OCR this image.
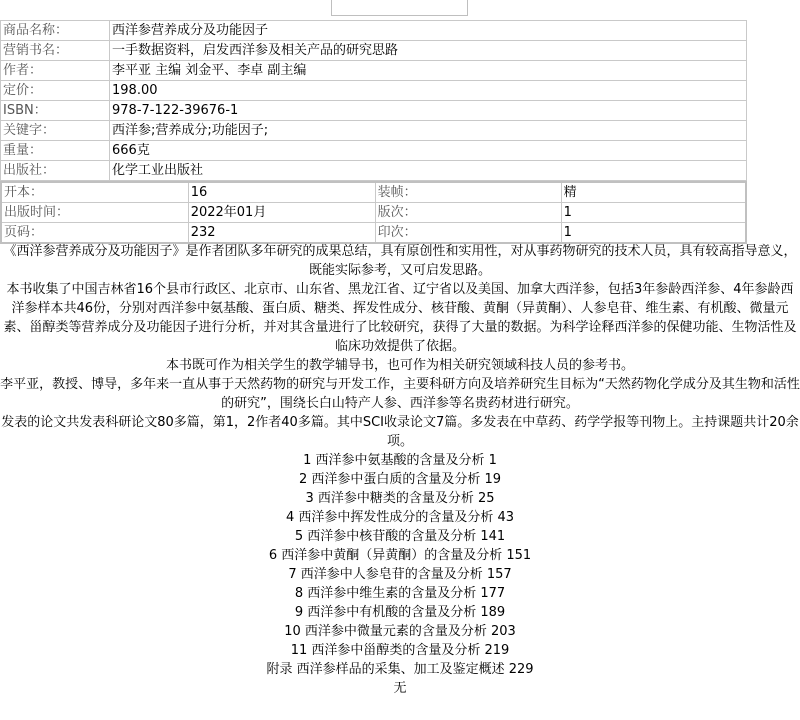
商品名称：	西洋参营养成分及功能因子
营销书名：	一手数据资料，启发西洋参及相关产品的研究思路
作者：	李平亚 主编 刘金平、李卓 副主编
定价：	198.00
ISBN：	978-7-122-39676-1
关键字：	西洋参;营养成分;功能因子;
重量：	666克
出版社：	化学工业出版社
开本：	16	装帧：	精
出版时间：	2022年01月	版次：	1
页码：	232	印次：	1

《西洋参营养成分及功能因子》是作者团队多年研究的成果总结，具有原创性和实用性，对从事药物研究的技术人员，具有较高指导意义，既能实际参考，又可启发思路。

本书收集了中国吉林省16个县市行政区、北京市、山东省、黑龙江省、辽宁省以及美国、加拿大西洋参，包括3年参龄西洋参、4年参龄西洋参样本共46份，分别对西洋参中氨基酸、蛋白质、糖类、挥发性成分、核苷酸、黄酮（异黄酮）、人参皂苷、维生素、有机酸、微量元素、甾醇类等营养成分及功能因子进行分析，并对其含量进行了比较研究，获得了大量的数据。为科学诠释西洋参的保健功能、生物活性及临床功效提供了依据。

本书既可作为相关学生的教学辅导书，也可作为相关研究领域科技人员的参考书。

李平亚，教授、博导，多年来一直从事于天然药物的研究与开发工作，主要科研方向及培养研究生目标为“天然药物化学成分及其生物和活性的研究”，围绕长白山特产人参、西洋参等名贵药材进行研究。

发表的论文共发表科研论文80多篇，第1，2作者40多篇。其中SCI收录论文7篇。多发表在中草药、药学学报等刊物上。主持课题共计20余项。

1 西洋参中氨基酸的含量及分析 1
2 西洋参中蛋白质的含量及分析 19
3 西洋参中糖类的含量及分析 25
4 西洋参中挥发性成分的含量及分析 43
5 西洋参中核苷酸的含量及分析 141
6 西洋参中黄酮（异黄酮）的含量及分析 151
7 西洋参中人参皂苷的含量及分析 157
8 西洋参中维生素的含量及分析 177
9 西洋参中有机酸的含量及分析 189
10 西洋参中微量元素的含量及分析 203
11 西洋参中甾醇类的含量及分析 219
附录 西洋参样品的采集、加工及鉴定概述 229

无
